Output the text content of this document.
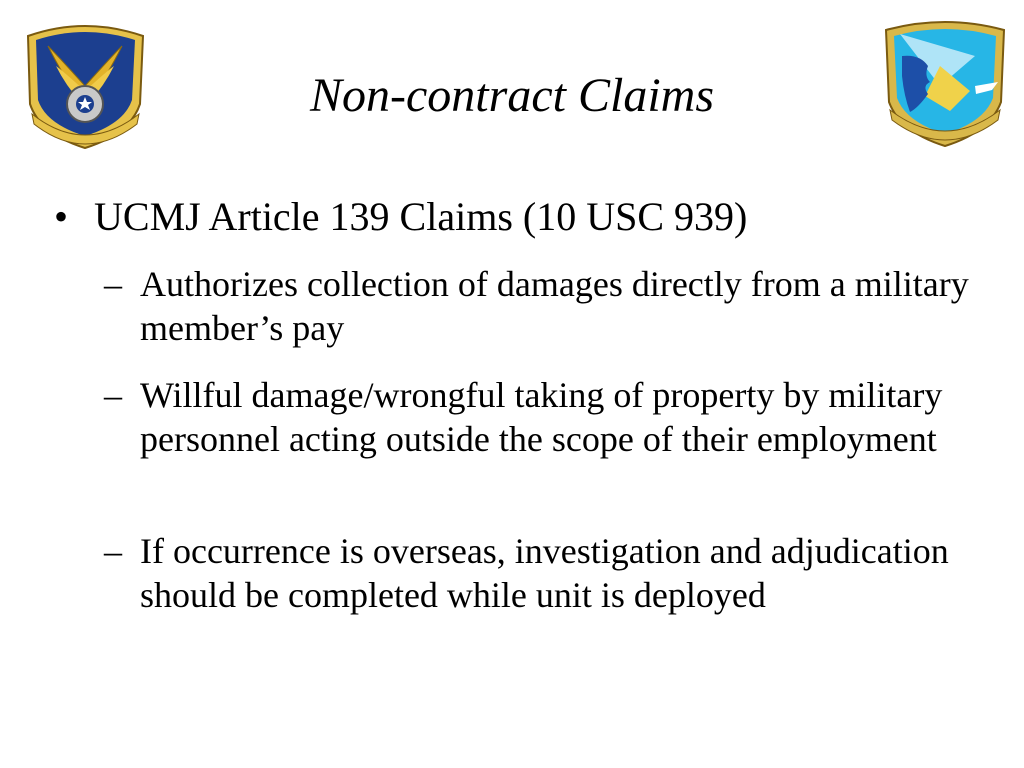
Non-contract Claims
• UCMJ Article 139 Claims (10 USC 939)
– Authorizes collection of damages directly from a military member’s pay
– Willful damage/wrongful taking of property by military personnel acting outside the scope of their employment
– If occurrence is overseas, investigation and adjudication should be completed while unit is deployed
